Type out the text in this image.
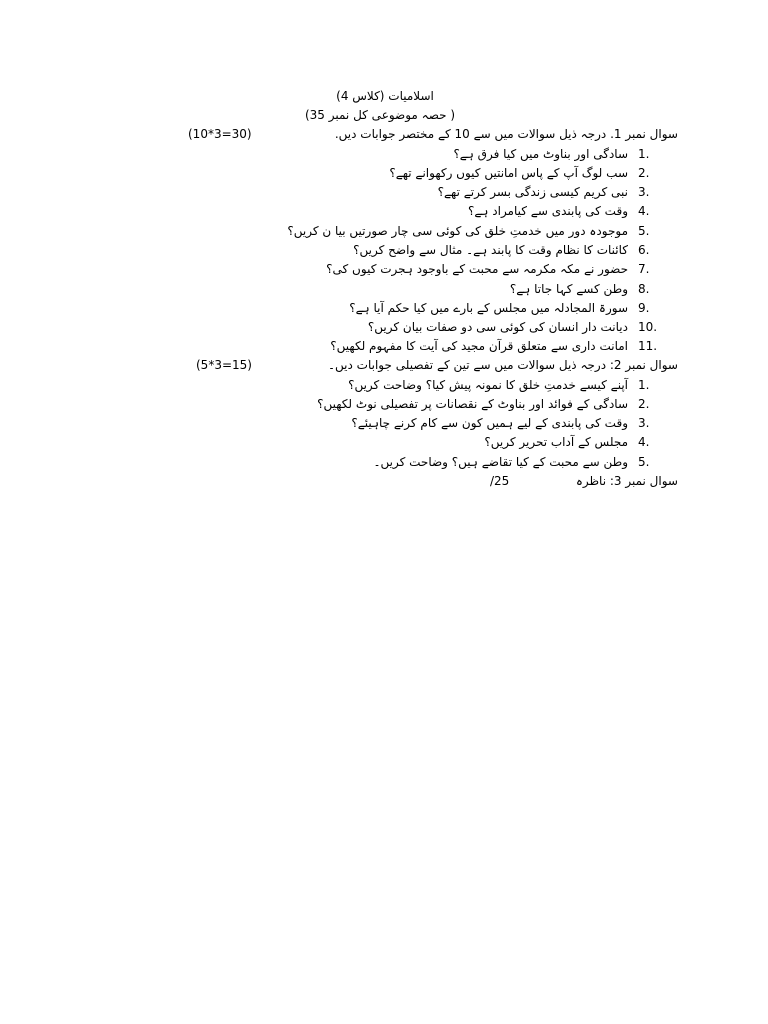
اسلامیات (کلاس 4)
( حصہ موضوعی کل نمبر 35)
سوال نمبر 1. درجہ ذیل سوالات میں سے 10 کے مختصر جوابات دیں.
(10*3=30)
1.
سادگی اور بناوٹ میں کیا فرق ہے؟
2.
سب لوگ آپ کے پاس امانتیں کیوں رکھوانے تھے؟
3.
نبی کریم کیسی زندگی بسر کرتے تھے؟
4.
وقت کی پابندی سے کیامراد ہے؟
5.
موجودہ دور میں خدمتِ خلق کی کوئی سی چار صورتیں بیا ن کریں؟
6.
کائنات کا نظام وقت کا پابند ہے۔ مثال سے واضح کریں؟
7.
حضور نے مکہ مکرمہ سے محبت کے باوجود ہجرت کیوں کی؟
8.
وطن کسے کہا جاتا ہے؟
9.
سورۃ المجادلہ میں مجلس کے بارے میں کیا حکم آیا ہے؟
10.
دیانت دار انسان کی کوئی سی دو صفات بیان کریں؟
11.
امانت داری سے متعلق قرآن مجید کی آیت کا مفہوم لکھیں؟
سوال نمبر 2: درجہ ذیل سوالات میں سے تین کے تفصیلی جوابات دیں۔
(5*3=15)
1.
آپنے کیسے خدمتِ خلق کا نمونہ پیش کیا؟ وضاحت کریں؟
2.
سادگی کے فوائد اور بناوٹ کے نقصانات پر تفصیلی نوٹ لکھیں؟
3.
وقت کی پابندی کے لیے ہمیں کون سے کام کرنے چاہیئے؟
4.
مجلس کے آداب تحریر کریں؟
5.
وطن سے محبت کے کیا تقاضے ہیں؟ وضاحت کریں۔
سوال نمبر 3: ناظرہ
/25
